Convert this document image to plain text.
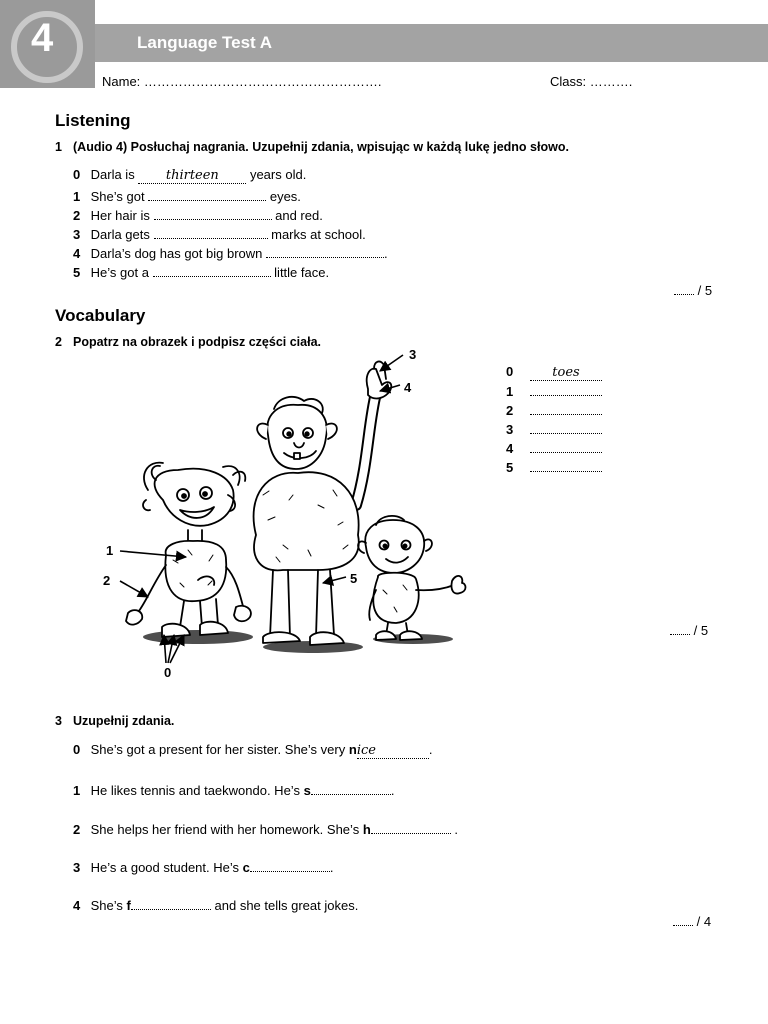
4	Language Test A
Name: ……………………………………………….	Class: ……….
Listening
1 (Audio 4) Posłuchaj nagrania. Uzupełnij zdania, wpisując w każdą lukę jedno słowo.
0 Darla is thirteen years old.
1 She’s got	eyes.
2 Her hair is	and red.
3 Darla gets	marks at school.
4 Darla’s dog has got big brown	.
5 He’s got a	little face.
/ 5
Vocabulary
2 Popatrz na obrazek i podpisz części ciała.
1
2
3
4
5
0
0	toes
1
2
3
4
5
/ 5
3 Uzupełnij zdania.
0 She’s got a present for her sister. She’s very nice	.
1 He likes tennis and taekwondo. He’s s	.
2 She helps her friend with her homework. She’s h	.
3 He’s a good student. He’s c	.
4 She’s f	and she tells great jokes.
/ 4
